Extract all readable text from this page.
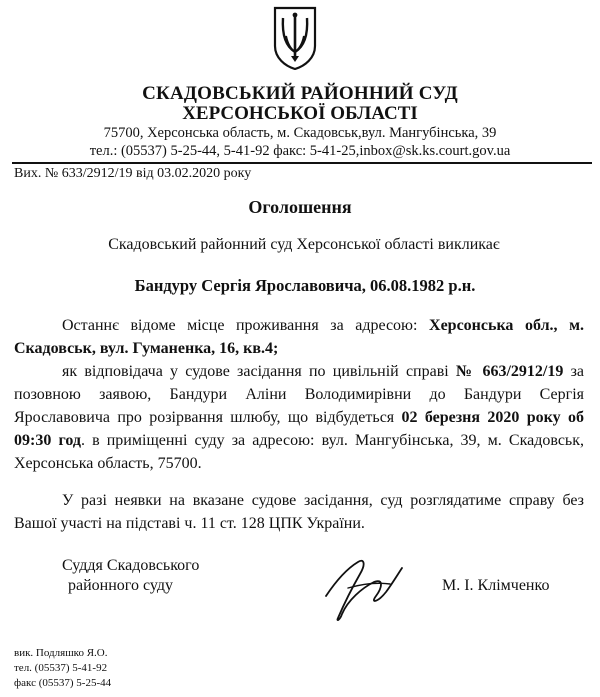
СКАДОВСЬКИЙ РАЙОННИЙ СУД
ХЕРСОНСЬКОЇ ОБЛАСТІ
75700, Херсонська область, м. Скадовськ,вул. Мангубінська, 39
тел.: (05537) 5-25-44, 5-41-92 факс: 5-41-25,inbox@sk.ks.court.gov.ua
Вих. № 633/2912/19 від 03.02.2020 року
Оголошення
Скадовський районний суд Херсонської області викликає
Бандуру Сергія Ярославовича, 06.08.1982 р.н.

Останнє відоме місце проживання за адресою: Херсонська обл., м. Скадовськ, вул. Гуманенка, 16, кв.4;

як відповідача у судове засідання по цивільній справі № 663/2912/19 за позовною заявою, Бандури Аліни Володимирівни до Бандури Сергія Ярославовича про розірвання шлюбу, що відбудеться 02 березня 2020 року об 09:30 год. в приміщенні суду за адресою: вул. Мангубінська, 39, м. Скадовськ, Херсонська область, 75700.

У разі неявки на вказане судове засідання, суд розглядатиме справу без Вашої участі на підставі ч. 11 ст. 128 ЦПК України.

Суддя Скадовського
районного суду	М. І. Клімченко
вик. Подляшко Я.О.
тел. (05537) 5-41-92
факс (05537) 5-25-44
